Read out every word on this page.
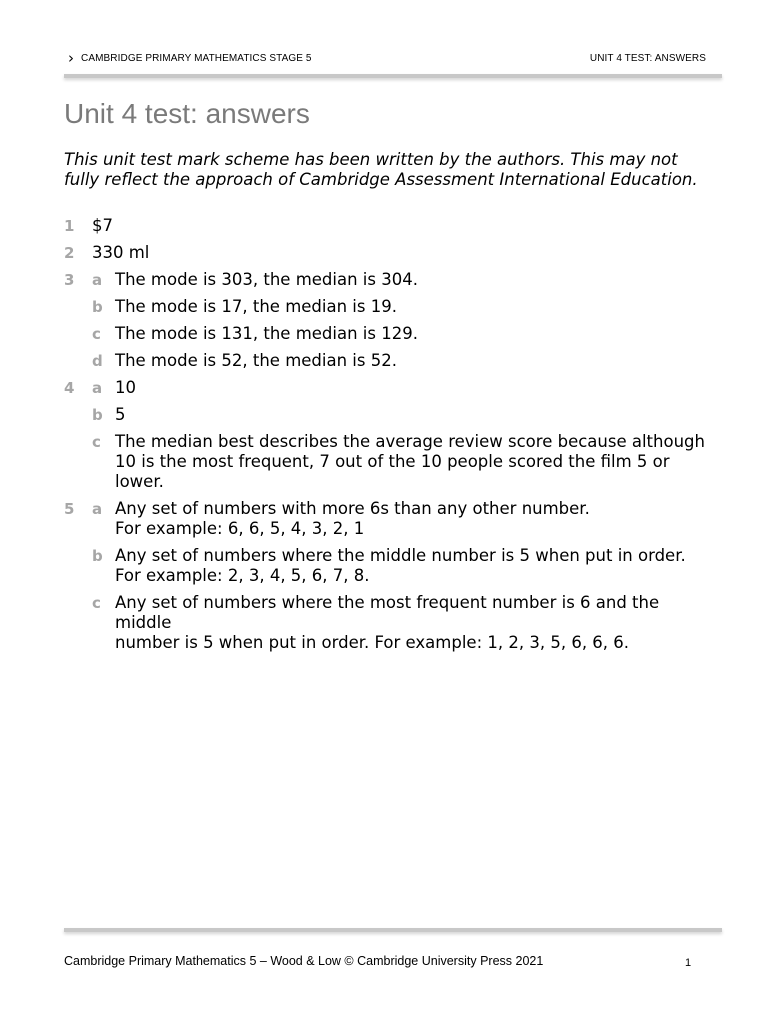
› CAMBRIDGE PRIMARY MATHEMATICS STAGE 5	UNIT 4 TEST: ANSWERS
Unit 4 test: answers

This unit test mark scheme has been written by the authors. This may not fully reflect the approach of Cambridge Assessment International Education.

1	$7
2	330 ml
3	a The mode is 303, the median is 304.
b The mode is 17, the median is 19.
c The mode is 131, the median is 129.
d The mode is 52, the median is 52.
4	a 10
b 5
c The median best describes the average review score because although
10 is the most frequent, 7 out of the 10 people scored the film 5 or lower.
5	a Any set of numbers with more 6s than any other number.
For example: 6, 6, 5, 4, 3, 2, 1
b Any set of numbers where the middle number is 5 when put in order.
For example: 2, 3, 4, 5, 6, 7, 8.
c Any set of numbers where the most frequent number is 6 and the middle
number is 5 when put in order. For example: 1, 2, 3, 5, 6, 6, 6.
Cambridge Primary Mathematics 5 – Wood & Low © Cambridge University Press 2021	1
